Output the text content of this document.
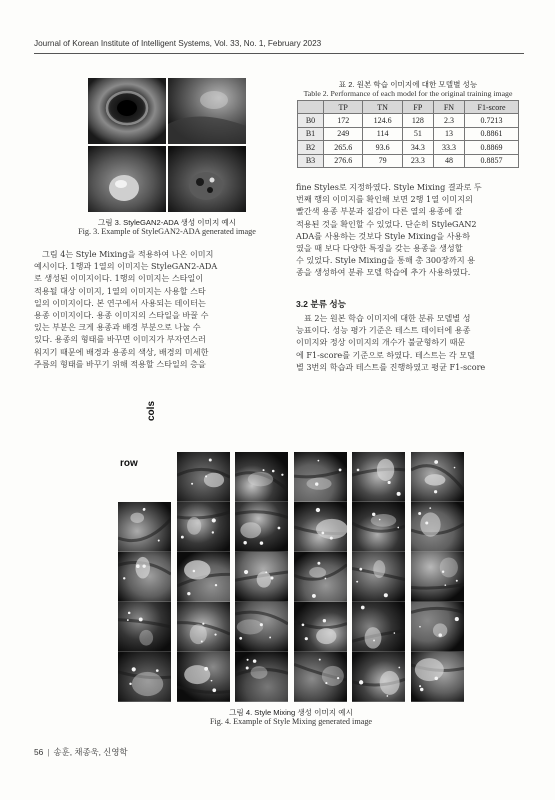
Journal of Korean Institute of Intelligent Systems, Vol. 33, No. 1, February 2023
그림 3. StyleGAN2-ADA 생성 이미지 예시
Fig. 3. Example of StyleGAN2-ADA generated image
그림 4는 Style Mixing을 적용하여 나온 이미지
예시이다. 1행과 1열의 이미지는 StyleGAN2-ADA
로 생성된 이미지이다. 1행의 이미지는 스타일이
적용될 대상 이미지, 1열의 이미지는 사용할 스타
일의 이미지이다. 본 연구에서 사용되는 데이터는
용종 이미지이다. 용종 이미지의 스타일을 바꿀 수
있는 부분은 크게 용종과 배경 부분으로 나눌 수
있다. 용종의 형태를 바꾸면 이미지가 부자연스러
워지기 때문에 배경과 용종의 색상, 배경의 미세한
주름의 형태를 바꾸기 위해 적용할 스타일의 층을
표 2. 원본 학습 이미지에 대한 모델별 성능
Table 2. Performance of each model for the original training image
	TP	TN	FP	FN	F1-score
B0	172	124.6	128	2.3	0.7213
B1	249	114	51	13	0.8861
B2	265.6	93.6	34.3	33.3	0.8869
B3	276.6	79	23.3	48	0.8857
fine Styles로 지정하였다. Style Mixing 결과로 두
번째 행의 이미지를 확인해 보면 2행 1열 이미지의
빨간색 용종 부분과 질감이 다른 열의 용종에 잘
적용된 것을 확인할 수 있었다. 단순히 StyleGAN2
ADA를 사용하는 것보다 Style Mixing을 사용하
였을 때 보다 다양한 특징을 갖는 용종을 생성할
수 있었다. Style Mixing을 통해 총 300장까지 용
종을 생성하여 분류 모델 학습에 추가 사용하였다.
3.2 분류 성능
표 2는 원본 학습 이미지에 대한 분류 모델별 성
능표이다. 성능 평가 기준은 테스트 데이터에 용종
이미지와 정상 이미지의 개수가 불균형하기 때문
에 F1-score를 기준으로 하였다. 테스트는 각 모델
별 3번의 학습과 테스트를 진행하였고 평균 F1-score
cols
row
그림 4. Style Mixing 생성 이미지 예시
Fig. 4. Example of Style Mixing generated image
56 | 송훈, 채종욱, 신영학
